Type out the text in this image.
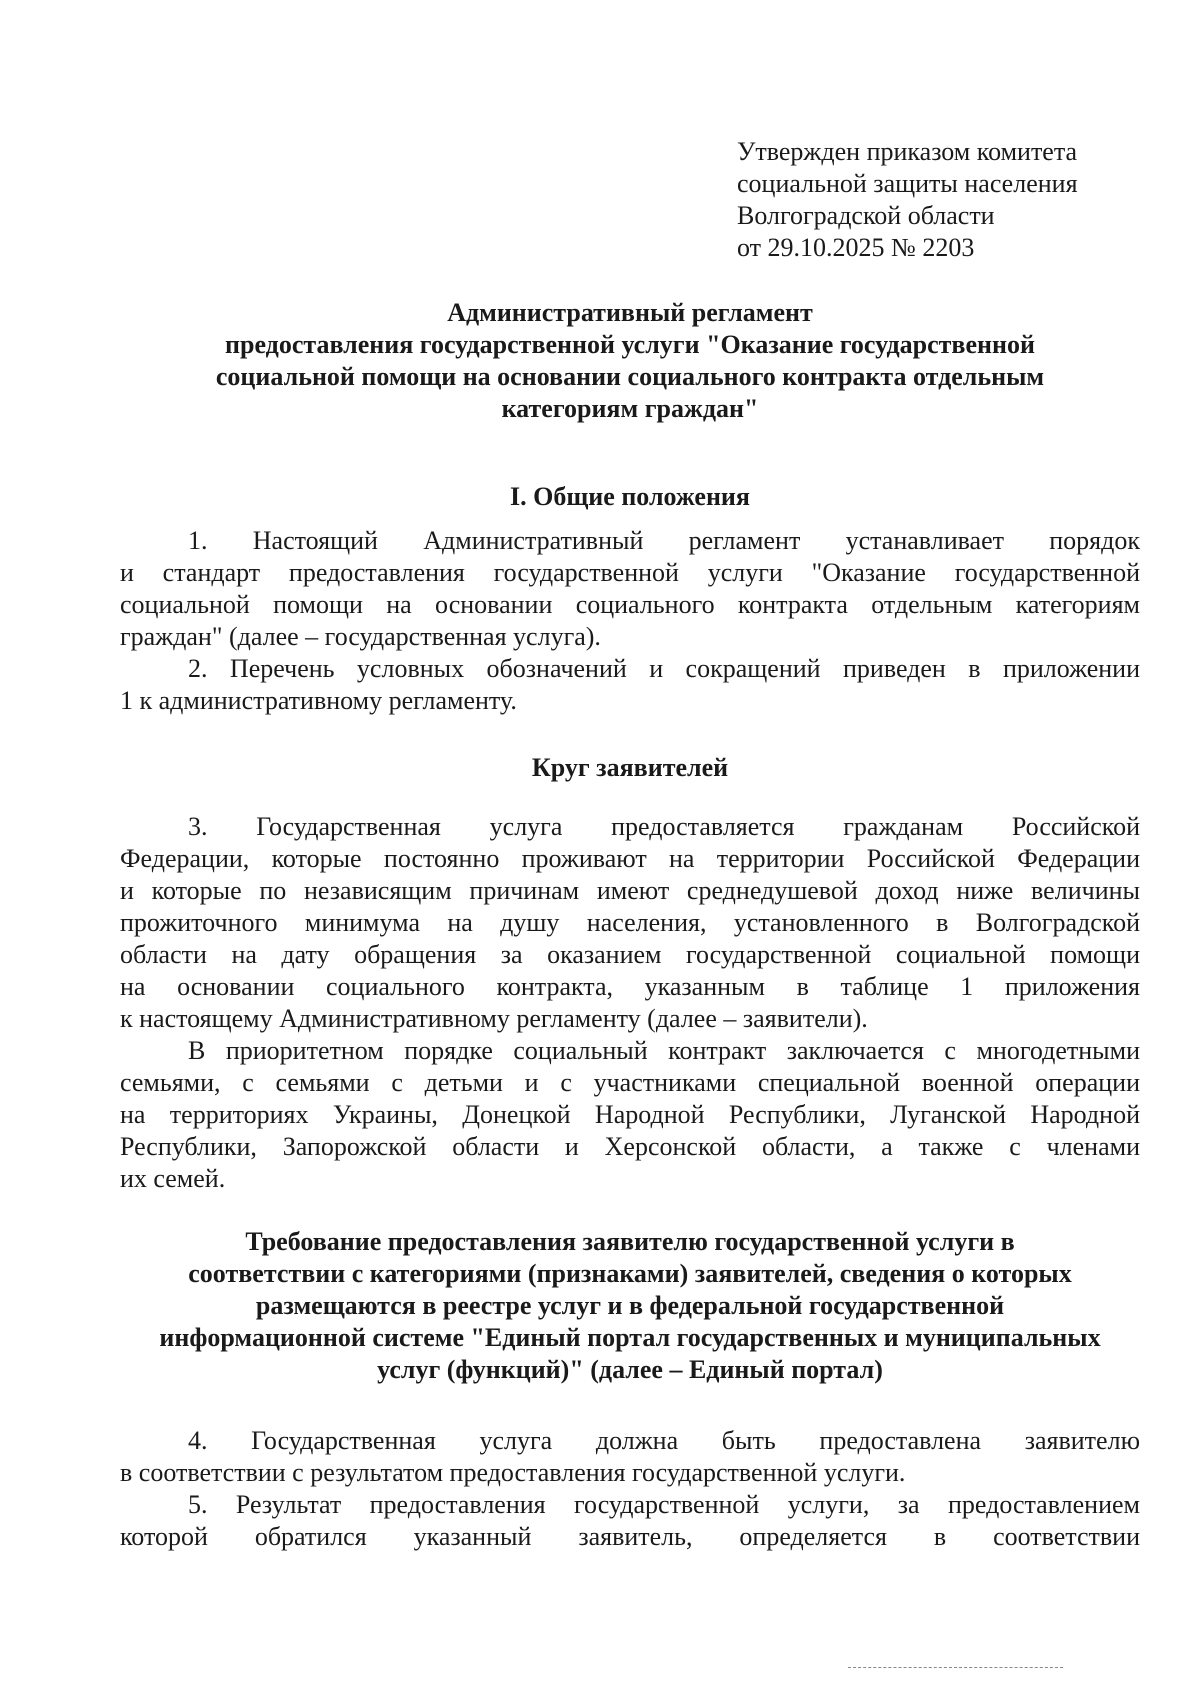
Утвержден приказом комитета
социальной защиты населения
Волгоградской области
от 29.10.2025 № 2203
Административный регламент
предоставления государственной услуги "Оказание государственной
социальной помощи на основании социального контракта отдельным
категориям граждан"
I. Общие положения
1. Настоящий Административный регламент устанавливает порядок
и стандарт предоставления государственной услуги "Оказание государственной
социальной помощи на основании социального контракта отдельным категориям
граждан" (далее – государственная услуга).
2. Перечень условных обозначений и сокращений приведен в приложении
1 к административному регламенту.
Круг заявителей
3. Государственная услуга предоставляется гражданам Российской
Федерации, которые постоянно проживают на территории Российской Федерации
и которые по независящим причинам имеют среднедушевой доход ниже величины
прожиточного минимума на душу населения, установленного в Волгоградской
области на дату обращения за оказанием государственной социальной помощи
на основании социального контракта, указанным в таблице 1 приложения
к настоящему Административному регламенту (далее – заявители).
В приоритетном порядке социальный контракт заключается с многодетными
семьями, с семьями с детьми и с участниками специальной военной операции
на территориях Украины, Донецкой Народной Республики, Луганской Народной
Республики, Запорожской области и Херсонской области, а также с членами
их семей.
Требование предоставления заявителю государственной услуги в
соответствии с категориями (признаками) заявителей, сведения о которых
размещаются в реестре услуг и в федеральной государственной
информационной системе "Единый портал государственных и муниципальных
услуг (функций)" (далее – Единый портал)
4. Государственная услуга должна быть предоставлена заявителю
в соответствии с результатом предоставления государственной услуги.
5. Результат предоставления государственной услуги, за предоставлением
которой обратился указанный заявитель, определяется в соответствии
